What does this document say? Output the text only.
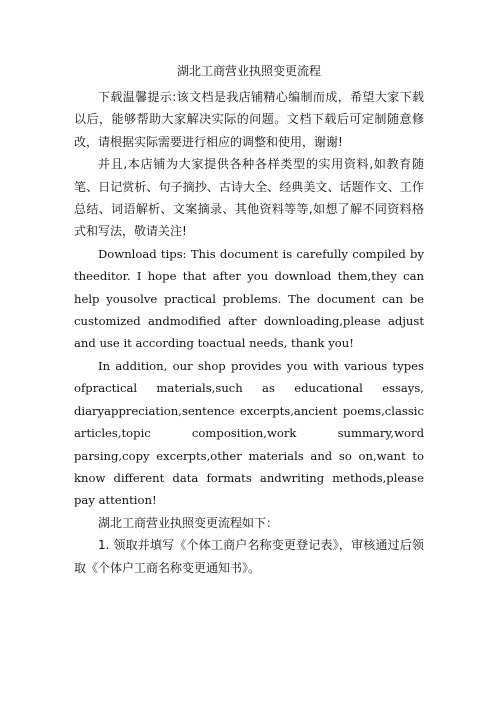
湖北工商营业执照变更流程

下载温馨提示:该文档是我店铺精心编制而成，希望大家下载以后，能够帮助大家解决实际的问题。文档下载后可定制随意修改，请根据实际需要进行相应的调整和使用，谢谢!

并且,本店铺为大家提供各种各样类型的实用资料,如教育随笔、日记赏析、句子摘抄、古诗大全、经典美文、话题作文、工作总结、词语解析、文案摘录、其他资料等等,如想了解不同资料格式和写法，敬请关注!

Download tips: This document is carefully compiled by theeditor. I hope that after you download them,they can help yousolve practical problems. The document can be customized andmodified after downloading,please adjust and use it according toactual needs, thank you!

In addition, our shop provides you with various types ofpractical materials,such as educational essays, diaryappreciation,sentence excerpts,ancient poems,classic articles,topic composition,work summary,word parsing,copy excerpts,other materials and so on,want to know different data formats andwriting methods,please pay attention!

湖北工商营业执照变更流程如下：

1. 领取并填写《个体工商户名称变更登记表》，审核通过后领取《个体户工商名称变更通知书》。
